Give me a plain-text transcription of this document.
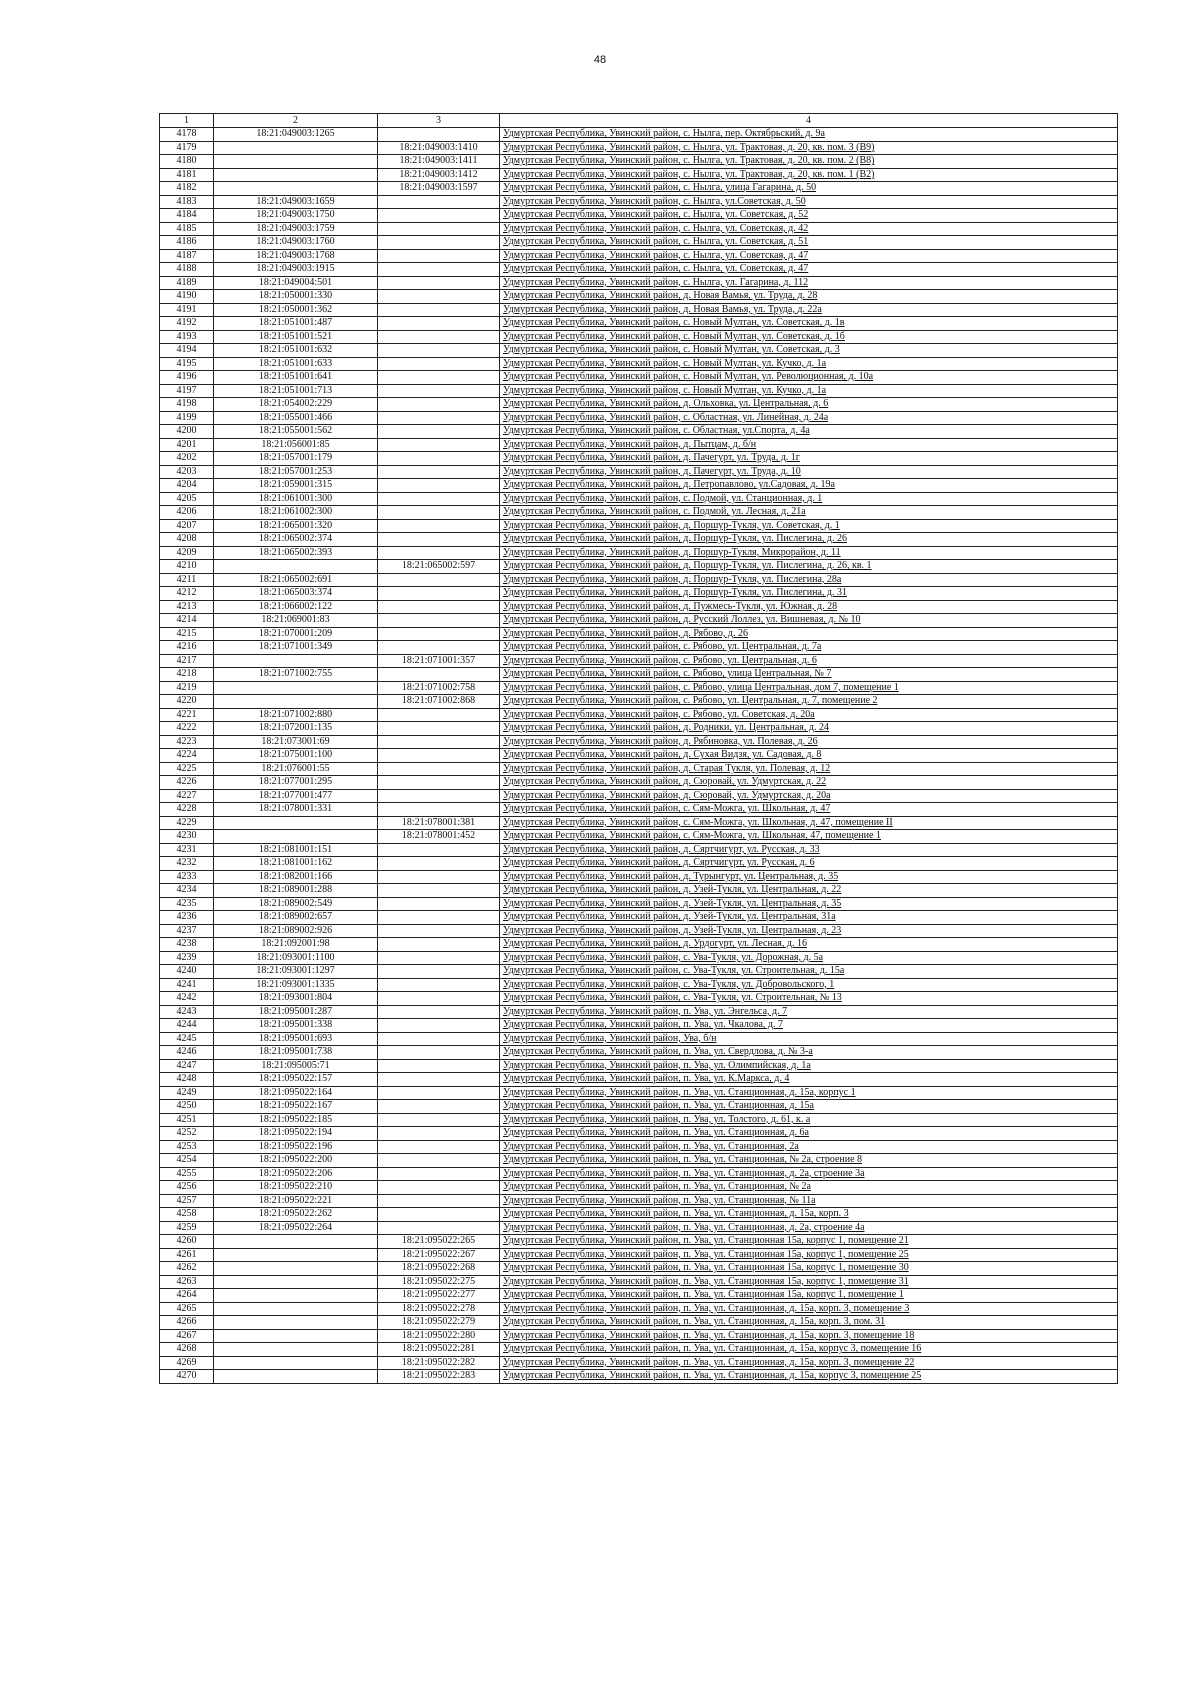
48
1	2	3	4
4178	18:21:049003:1265		Удмуртская Республика, Увинский район, с. Нылга, пер. Октябрьский, д. 9а
4179		18:21:049003:1410	Удмуртская Республика, Увинский район, с. Нылга, ул. Трактовая, д. 20, кв. пом. 3 (В9)
4180		18:21:049003:1411	Удмуртская Республика, Увинский район, с. Нылга, ул. Трактовая, д. 20, кв. пом. 2 (В8)
4181		18:21:049003:1412	Удмуртская Республика, Увинский район, с. Нылга, ул. Трактовая, д. 20, кв. пом. 1 (В2)
4182		18:21:049003:1597	Удмуртская Республика, Увинский район, с. Нылга, улица Гагарина, д. 50
4183	18:21:049003:1659		Удмуртская Республика, Увинский район, с. Нылга, ул.Советская, д. 50
4184	18:21:049003:1750		Удмуртская Республика, Увинский район, с. Нылга, ул. Советская, д. 52
4185	18:21:049003:1759		Удмуртская Республика, Увинский район, с. Нылга, ул. Советская, д. 42
4186	18:21:049003:1760		Удмуртская Республика, Увинский район, с. Нылга, ул. Советская, д. 51
4187	18:21:049003:1768		Удмуртская Республика, Увинский район, с. Нылга, ул. Советская, д. 47
4188	18:21:049003:1915		Удмуртская Республика, Увинский район, с. Нылга, ул. Советская, д. 47
4189	18:21:049004:501		Удмуртская Республика, Увинский район, с. Нылга, ул. Гагарина, д. 112
4190	18:21:050001:330		Удмуртская Республика, Увинский район, д. Новая Вамья, ул. Труда, д. 28
4191	18:21:050001:362		Удмуртская Республика, Увинский район, д. Новая Вамья, ул. Труда, д. 22а
4192	18:21:051001:487		Удмуртская Республика, Увинский район, с. Новый Мултан, ул. Советская, д. 1в
4193	18:21:051001:521		Удмуртская Республика, Увинский район, с. Новый Мултан, ул. Советская, д. 1б
4194	18:21:051001:632		Удмуртская Республика, Увинский район, с. Новый Мултан, ул. Советская, д. 3
4195	18:21:051001:633		Удмуртская Республика, Увинский район, с. Новый Мултан, ул. Кучко, д. 1а
4196	18:21:051001:641		Удмуртская Республика, Увинский район, с. Новый Мултан, ул. Революционная, д. 10а
4197	18:21:051001:713		Удмуртская Республика, Увинский район, с. Новый Мултан, ул. Кучко, д. 1а
4198	18:21:054002:229		Удмуртская Республика, Увинский район, д. Ольховка, ул. Центральная, д. 6
4199	18:21:055001:466		Удмуртская Республика, Увинский район, с. Областная, ул. Линейная, д. 24а
4200	18:21:055001:562		Удмуртская Республика, Увинский район, с. Областная, ул.Спорта, д. 4а
4201	18:21:056001:85		Удмуртская Республика, Увинский район, д. Пытцам, д. б/н
4202	18:21:057001:179		Удмуртская Республика, Увинский район, д. Пачегурт, ул. Труда, д. 1г
4203	18:21:057001:253		Удмуртская Республика, Увинский район, д. Пачегурт, ул. Труда, д. 10
4204	18:21:059001:315		Удмуртская Республика, Увинский район, д. Петропавлово, ул.Садовая, д. 19а
4205	18:21:061001:300		Удмуртская Республика, Увинский район, с. Подмой, ул. Станционная, д. 1
4206	18:21:061002:300		Удмуртская Республика, Увинский район, с. Подмой, ул. Лесная, д. 21а
4207	18:21:065001:320		Удмуртская Республика, Увинский район, д. Поршур-Тукля, ул. Советская, д. 1
4208	18:21:065002:374		Удмуртская Республика, Увинский район, д. Поршур-Тукля, ул. Пислегина, д. 26
4209	18:21:065002:393		Удмуртская Республика, Увинский район, д. Поршур-Тукля, Микрорайон, д. 11
4210		18:21:065002:597	Удмуртская Республика, Увинский район, д. Поршур-Тукля, ул. Пислегина, д. 26, кв. 1
4211	18:21:065002:691		Удмуртская Республика, Увинский район, д. Поршур-Тукля, ул. Пислегина, 28а
4212	18:21:065003:374		Удмуртская Республика, Увинский район, д. Поршур-Тукля, ул. Пислегина, д. 31
4213	18:21:066002:122		Удмуртская Республика, Увинский район, д. Пужмесь-Тукля, ул. Южная, д. 28
4214	18:21:069001:83		Удмуртская Республика, Увинский район, д. Русский Лоллез, ул. Вишневая, д. № 10
4215	18:21:070001:209		Удмуртская Республика, Увинский район, д. Рябово, д. 26
4216	18:21:071001:349		Удмуртская Республика, Увинский район, с. Рябово, ул. Центральная, д. 7а
4217		18:21:071001:357	Удмуртская Республика, Увинский район, с. Рябово, ул. Центральная, д. 6
4218	18:21:071002:755		Удмуртская Республика, Увинский район, с. Рябово, улица Центральная, № 7
4219		18:21:071002:758	Удмуртская Республика, Увинский район, с. Рябово, улица Центральная, дом 7, помещение 1
4220		18:21:071002:868	Удмуртская Республика, Увинский район, с. Рябово, ул. Центральная, д. 7, помещение 2
4221	18:21:071002:880		Удмуртская Республика, Увинский район, с. Рябово, ул. Советская, д. 20а
4222	18:21:072001:135		Удмуртская Республика, Увинский район, д. Родники, ул. Центральная, д. 24
4223	18:21:073001:69		Удмуртская Республика, Увинский район, д. Рябиновка, ул. Полевая, д. 26
4224	18:21:075001:100		Удмуртская Республика, Увинский район, д. Сухая Видзя, ул. Садовая, д. 8
4225	18:21:076001:55		Удмуртская Республика, Увинский район, д. Старая Тукля, ул. Полевая, д. 12
4226	18:21:077001:295		Удмуртская Республика, Увинский район, д. Сюровай, ул. Удмуртская, д. 22
4227	18:21:077001:477		Удмуртская Республика, Увинский район, д. Сюровай, ул. Удмуртская, д. 20а
4228	18:21:078001:331		Удмуртская Республика, Увинский район, с. Сям-Можга, ул. Школьная, д. 47
4229		18:21:078001:381	Удмуртская Республика, Увинский район, с. Сям-Можга, ул. Школьная, д. 47, помещение II
4230		18:21:078001:452	Удмуртская Республика, Увинский район, с. Сям-Можга, ул. Школьная, 47, помещение 1
4231	18:21:081001:151		Удмуртская Республика, Увинский район, д. Сяртчигурт, ул. Русская, д. 33
4232	18:21:081001:162		Удмуртская Республика, Увинский район, д. Сяртчигурт, ул. Русская, д. 6
4233	18:21:082001:166		Удмуртская Республика, Увинский район, д. Турынгурт, ул. Центральная, д. 35
4234	18:21:089001:288		Удмуртская Республика, Увинский район, д. Узей-Тукля, ул. Центральная, д. 22
4235	18:21:089002:549		Удмуртская Республика, Увинский район, д. Узей-Тукля, ул. Центральная, д. 35
4236	18:21:089002:657		Удмуртская Республика, Увинский район, д. Узей-Тукля, ул. Центральная, 31а
4237	18:21:089002:926		Удмуртская Республика, Увинский район, д. Узей-Тукля, ул. Центральная, д. 23
4238	18:21:092001:98		Удмуртская Республика, Увинский район, д. Урдогурт, ул. Лесная, д. 16
4239	18:21:093001:1100		Удмуртская Республика, Увинский район, с. Ува-Тукля, ул. Дорожная, д. 5а
4240	18:21:093001:1297		Удмуртская Республика, Увинский район, с. Ува-Тукля, ул. Строительная, д. 15а
4241	18:21:093001:1335		Удмуртская Республика, Увинский район, с. Ува-Тукля, ул. Добровольского, 1
4242	18:21:093001:804		Удмуртская Республика, Увинский район, с. Ува-Тукля, ул. Строительная, № 13
4243	18:21:095001:287		Удмуртская Республика, Увинский район, п. Ува, ул. Энгельса, д. 7
4244	18:21:095001:338		Удмуртская Республика, Увинский район, п. Ува, ул. Чкалова, д. 7
4245	18:21:095001:693		Удмуртская Республика, Увинский район, Ува, б/н
4246	18:21:095001:738		Удмуртская Республика, Увинский район, п. Ува, ул. Свердлова, д. № 3-а
4247	18:21:095005:71		Удмуртская Республика, Увинский район, п. Ува, ул. Олимпийская, д. 1а
4248	18:21:095022:157		Удмуртская Республика, Увинский район, п. Ува, ул. К.Маркса, д. 4
4249	18:21:095022:164		Удмуртская Республика, Увинский район, п. Ува, ул. Станционная, д. 15а, корпус 1
4250	18:21:095022:167		Удмуртская Республика, Увинский район, п. Ува, ул. Станционная, д. 15а
4251	18:21:095022:185		Удмуртская Республика, Увинский район, п. Ува, ул. Толстого, д. 61, к. а
4252	18:21:095022:194		Удмуртская Республика, Увинский район, п. Ува, ул. Станционная, д. 6а
4253	18:21:095022:196		Удмуртская Республика, Увинский район, п. Ува, ул. Станционная, 2а
4254	18:21:095022:200		Удмуртская Республика, Увинский район, п. Ува, ул. Станционная, № 2а, строение 8
4255	18:21:095022:206		Удмуртская Республика, Увинский район, п. Ува, ул. Станционная, д. 2а, строение 3а
4256	18:21:095022:210		Удмуртская Республика, Увинский район, п. Ува, ул. Станционная, № 2а
4257	18:21:095022:221		Удмуртская Республика, Увинский район, п. Ува, ул. Станционная, № 11а
4258	18:21:095022:262		Удмуртская Республика, Увинский район, п. Ува, ул. Станционная, д. 15а, корп. 3
4259	18:21:095022:264		Удмуртская Республика, Увинский район, п. Ува, ул. Станционная, д. 2а, строение 4а
4260		18:21:095022:265	Удмуртская Республика, Увинский район, п. Ува, ул. Станционная 15а, корпус 1, помещение 21
4261		18:21:095022:267	Удмуртская Республика, Увинский район, п. Ува, ул. Станционная 15а, корпус 1, помещение 25
4262		18:21:095022:268	Удмуртская Республика, Увинский район, п. Ува, ул. Станционная 15а, корпус 1, помещение 30
4263		18:21:095022:275	Удмуртская Республика, Увинский район, п. Ува, ул. Станционная 15а, корпус 1, помещение 31
4264		18:21:095022:277	Удмуртская Республика, Увинский район, п. Ува, ул. Станционная 15а, корпус 1, помещение 1
4265		18:21:095022:278	Удмуртская Республика, Увинский район, п. Ува, ул. Станционная, д. 15а, корп. 3, помещение 3
4266		18:21:095022:279	Удмуртская Республика, Увинский район, п. Ува, ул. Станционная, д. 15а, корп. 3, пом. 31
4267		18:21:095022:280	Удмуртская Республика, Увинский район, п. Ува, ул. Станционная, д. 15а, корп. 3, помещение 18
4268		18:21:095022:281	Удмуртская Республика, Увинский район, п. Ува, ул. Станционная, д. 15а, корпус 3, помещение 16
4269		18:21:095022:282	Удмуртская Республика, Увинский район, п. Ува, ул. Станционная, д. 15а, корп. 3, помещение 22
4270		18:21:095022:283	Удмуртская Республика, Увинский район, п. Ува, ул. Станционная, д. 15а, корпус 3, помещение 25
